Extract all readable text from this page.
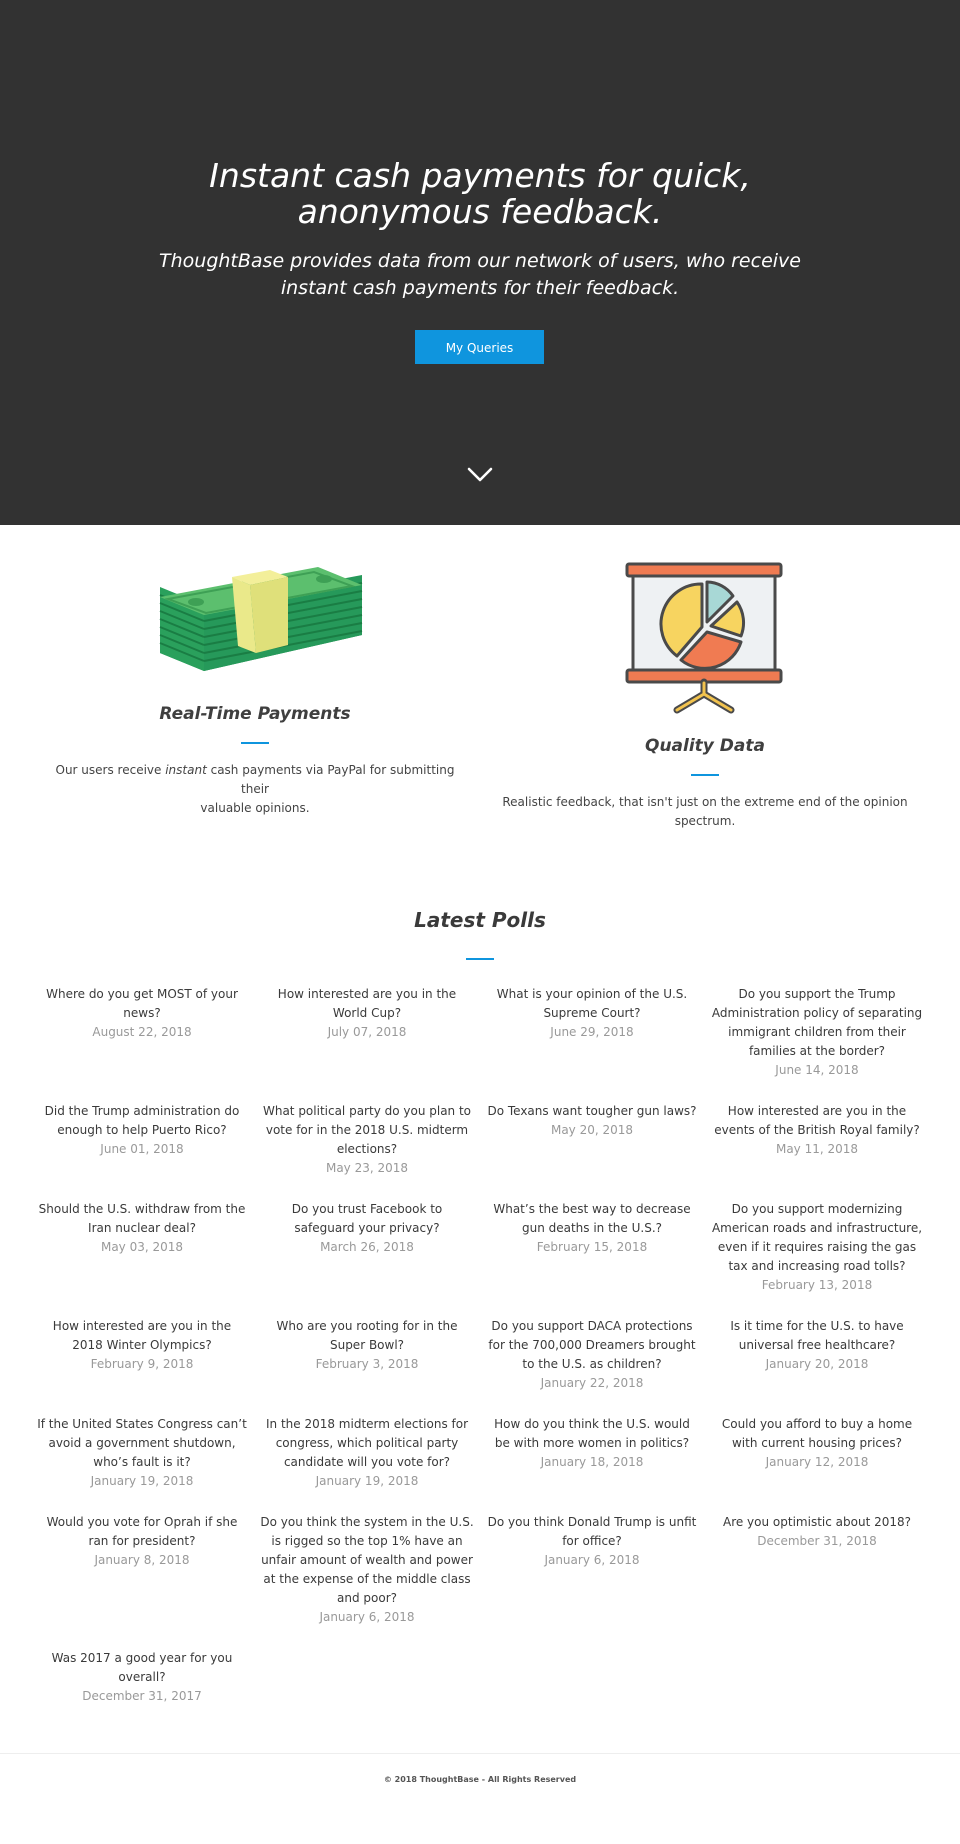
Instant cash payments for quick,
anonymous feedback.

ThoughtBase provides data from our network of users, who receive
instant cash payments for their feedback.

My Queries
Real-Time Payments

Our users receive instant cash payments via PayPal for submitting their
valuable opinions.

Quality Data

Realistic feedback, that isn't just on the extreme end of the opinion
spectrum.

Latest Polls

Where do you get MOST of your
news?

August 22, 2018

How interested are you in the
World Cup?

July 07, 2018

What is your opinion of the U.S.
Supreme Court?

June 29, 2018

Do you support the Trump
Administration policy of separating
immigrant children from their
families at the border?

June 14, 2018

Did the Trump administration do
enough to help Puerto Rico?

June 01, 2018

What political party do you plan to
vote for in the 2018 U.S. midterm
elections?

May 23, 2018

Do Texans want tougher gun laws?

May 20, 2018

How interested are you in the
events of the British Royal family?

May 11, 2018

Should the U.S. withdraw from the
Iran nuclear deal?

May 03, 2018

Do you trust Facebook to
safeguard your privacy?

March 26, 2018

What’s the best way to decrease
gun deaths in the U.S.?

February 15, 2018

Do you support modernizing
American roads and infrastructure,
even if it requires raising the gas
tax and increasing road tolls?

February 13, 2018

How interested are you in the
2018 Winter Olympics?

February 9, 2018

Who are you rooting for in the
Super Bowl?

February 3, 2018

Do you support DACA protections
for the 700,000 Dreamers brought
to the U.S. as children?

January 22, 2018

Is it time for the U.S. to have
universal free healthcare?

January 20, 2018

If the United States Congress can’t
avoid a government shutdown,
who’s fault is it?

January 19, 2018

In the 2018 midterm elections for
congress, which political party
candidate will you vote for?

January 19, 2018

How do you think the U.S. would
be with more women in politics?

January 18, 2018

Could you afford to buy a home
with current housing prices?

January 12, 2018

Would you vote for Oprah if she
ran for president?

January 8, 2018

Do you think the system in the U.S.
is rigged so the top 1% have an
unfair amount of wealth and power
at the expense of the middle class
and poor?

January 6, 2018

Do you think Donald Trump is unfit
for office?

January 6, 2018

Are you optimistic about 2018?

December 31, 2018

Was 2017 a good year for you
overall?

December 31, 2017

© 2018 ThoughtBase - All Rights Reserved
